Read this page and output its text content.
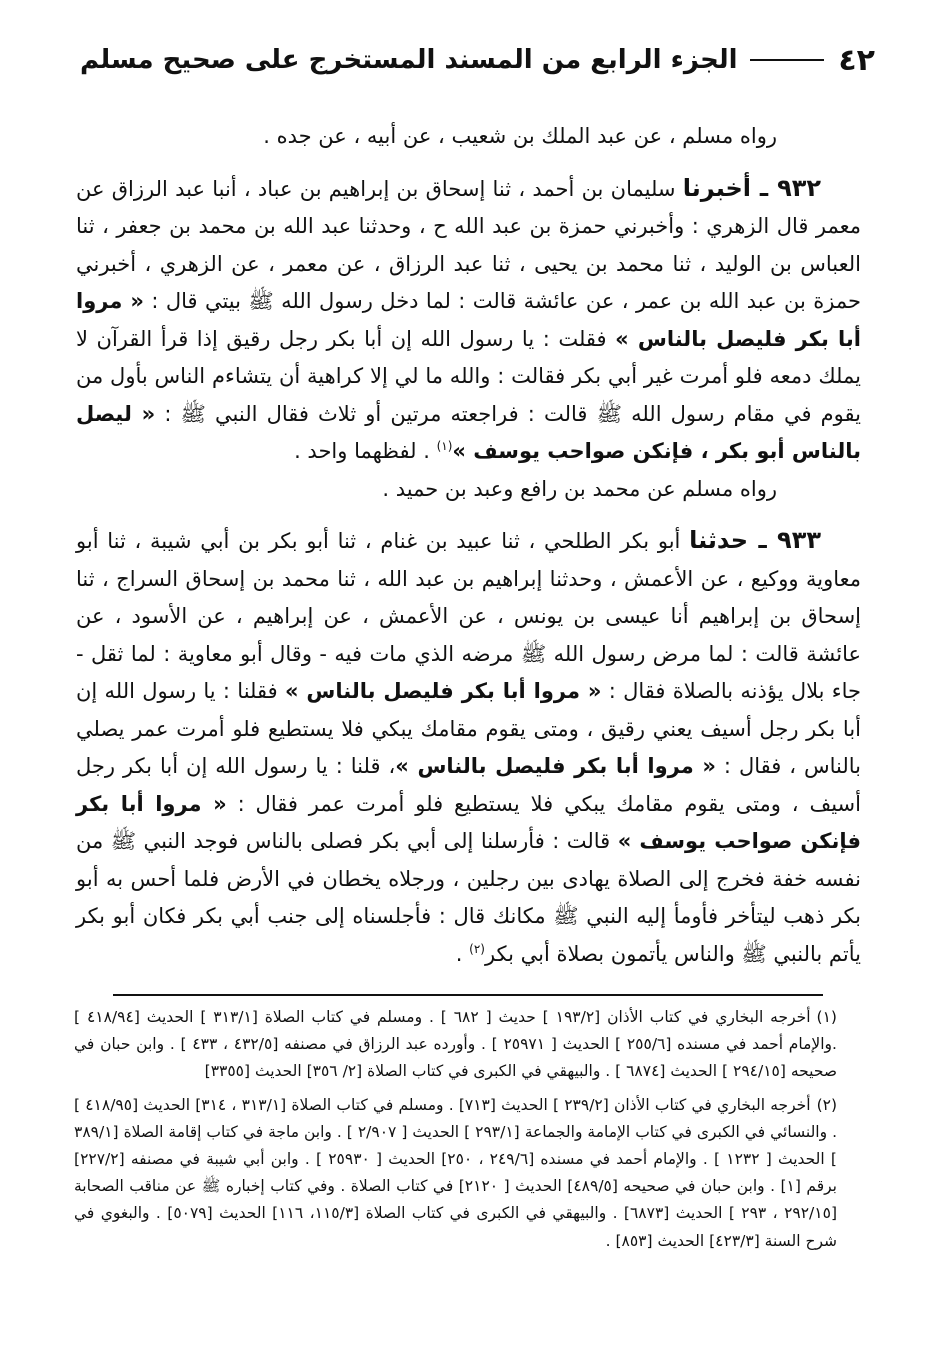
٤٢
الجزء الرابع من المسند المستخرج على صحيح مسلم

رواه مسلم ، عن عبد الملك بن شعيب ، عن أبيه ، عن جده .

٩٣٢ ـ أخبرنا سليمان بن أحمد ، ثنا إسحاق بن إبراهيم بن عباد ، أنبا عبد الرزاق عن معمر قال الزهري : وأخبرني حمزة بن عبد الله ح ، وحدثنا عبد الله بن محمد بن جعفر ، ثنا العباس بن الوليد ، ثنا محمد بن يحيى ، ثنا عبد الرزاق ، عن معمر ، عن الزهري ، أخبرني حمزة بن عبد الله بن عمر ، عن عائشة قالت : لما دخل رسول الله ﷺ بيتي قال : « مروا أبا بكر فليصل بالناس » فقلت : يا رسول الله إن أبا بكر رجل رقيق إذا قرأ القرآن لا يملك دمعه فلو أمرت غير أبي بكر فقالت : والله ما لي إلا كراهية أن يتشاءم الناس بأول من يقوم في مقام رسول الله ﷺ قالت : فراجعته مرتين أو ثلاث فقال النبي ﷺ : « ليصل بالناس أبو بكر ، فإنكن صواحب يوسف »$^{(١)}$ . لفظهما واحد .

رواه مسلم عن محمد بن رافع وعبد بن حميد .

٩٣٣ ـ حدثنا أبو بكر الطلحي ، ثنا عبيد بن غنام ، ثنا أبو بكر بن أبي شيبة ، ثنا أبو معاوية ووكيع ، عن الأعمش ، وحدثنا إبراهيم بن عبد الله ، ثنا محمد بن إسحاق السراج ، ثنا إسحاق بن إبراهيم أنا عيسى بن يونس ، عن الأعمش ، عن إبراهيم ، عن الأسود ، عن عائشة قالت : لما مرض رسول الله ﷺ مرضه الذي مات فيه - وقال أبو معاوية : لما ثقل - جاء بلال يؤذنه بالصلاة فقال : « مروا أبا بكر فليصل بالناس » فقلنا : يا رسول الله إن أبا بكر رجل أسيف يعني رقيق ، ومتى يقوم مقامك يبكي فلا يستطيع فلو أمرت عمر يصلي بالناس ، فقال : « مروا أبا بكر فليصل بالناس »، قلنا : يا رسول الله إن أبا بكر رجل أسيف ، ومتى يقوم مقامك يبكي فلا يستطيع فلو أمرت عمر فقال : « مروا أبا بكر فإنكن صواحب يوسف » قالت : فأرسلنا إلى أبي بكر فصلى بالناس فوجد النبي ﷺ من نفسه خفة فخرج إلى الصلاة يهادى بين رجلين ، ورجلاه يخطان في الأرض فلما أحس به أبو بكر ذهب ليتأخر فأومأ إليه النبي ﷺ مكانك قال : فأجلسناه إلى جنب أبي بكر فكان أبو بكر يأتم بالنبي ﷺ والناس يأتمون بصلاة أبي بكر$^{(٢)}$ .

(١)أخرجه البخاري في كتاب الأذان [١٩٣/٢ ] حديث [ ٦٨٢ ] . ومسلم في كتاب الصلاة [٣١٣/١ ] الحديث [٤١٨/٩٤ ] .والإمام أحمد في مسنده [٢٥٥/٦ ] الحديث [ ٢٥٩٧١ ] . وأورده عبد الرزاق في مصنفه [٤٣٢/٥ ، ٤٣٣ ] . وابن حبان في صحيحه [٢٩٤/١٥ ] الحديث [٦٨٧٤ ] . والبيهقي في الكبرى في كتاب الصلاة [٢/ ٣٥٦] الحديث [٣٣٥٥]

(٢)أخرجه البخاري في كتاب الأذان [٢٣٩/٢ ] الحديث [٧١٣] . ومسلم في كتاب الصلاة [٣١٣/١ ، ٣١٤] الحديث [٤١٨/٩٥ ] . والنسائي في الكبرى في كتاب الإمامة والجماعة [٢٩٣/١ ] الحديث [ ٢/٩٠٧ ] . وابن ماجة في كتاب إقامة الصلاة [٣٨٩/١ ] الحديث [ ١٢٣٢ ] . والإمام أحمد في مسنده [٢٤٩/٦ ، ٢٥٠] الحديث [ ٢٥٩٣٠ ] . وابن أبي شيبة في مصنفه [٢٢٧/٢] برقم [١] . وابن حبان في صحيحه [٤٨٩/٥] الحديث [ ٢١٢٠] في كتاب الصلاة . وفي كتاب إخباره ﷺ عن مناقب الصحابة [٢٩٢/١٥ ، ٢٩٣ ] الحديث [٦٨٧٣] . والبيهقي في الكبرى في كتاب الصلاة [١١٥/٣، ١١٦] الحديث [٥٠٧٩] . والبغوي في شرح السنة [٤٢٣/٣] الحديث [٨٥٣] .
